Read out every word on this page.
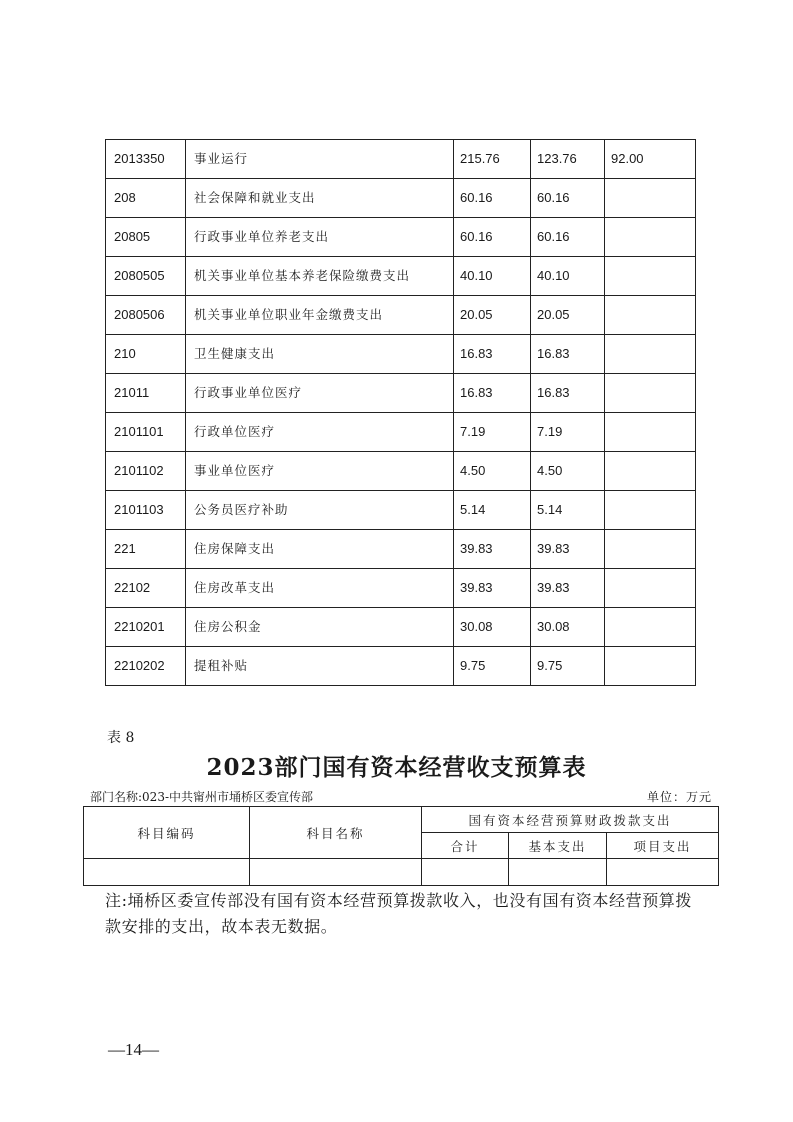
2013350	事业运行	215.76	123.76	92.00
208	社会保障和就业支出	60.16	60.16	
20805	行政事业单位养老支出	60.16	60.16	
2080505	机关事业单位基本养老保险缴费支出	40.10	40.10	
2080506	机关事业单位职业年金缴费支出	20.05	20.05	
210	卫生健康支出	16.83	16.83	
21011	行政事业单位医疗	16.83	16.83	
2101101	行政单位医疗	7.19	7.19	
2101102	事业单位医疗	4.50	4.50	
2101103	公务员医疗补助	5.14	5.14	
221	住房保障支出	39.83	39.83	
22102	住房改革支出	39.83	39.83	
2210201	住房公积金	30.08	30.08	
2210202	提租补贴	9.75	9.75	
表 8
2023部门国有资本经营收支预算表
部门名称:023-中共甯州市埇桥区委宣传部	单位：万元
科目编码	科目名称	国有资本经营预算财政拨款支出		
		合计	基本支出	项目支出

注:埇桥区委宣传部没有国有资本经营预算拨款收入，也没有国有资本经营预算拨款安排的支出，故本表无数据。
—14—
